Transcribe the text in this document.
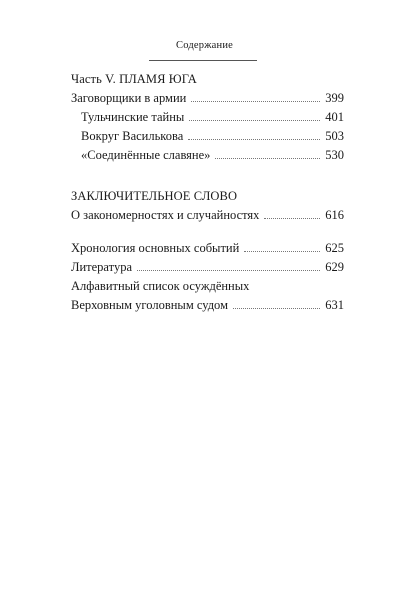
Содержание
Часть V. ПЛАМЯ ЮГА
Заговорщики в армии	399
Тульчинские тайны	401
Вокруг Василькова	503
«Соединённые славяне»	530
ЗАКЛЮЧИТЕЛЬНОЕ СЛОВО
О закономерностях и случайностях	616
Хронология основных событий	625
Литература	629
Алфавитный список осуждённых
Верховным уголовным судом	631
